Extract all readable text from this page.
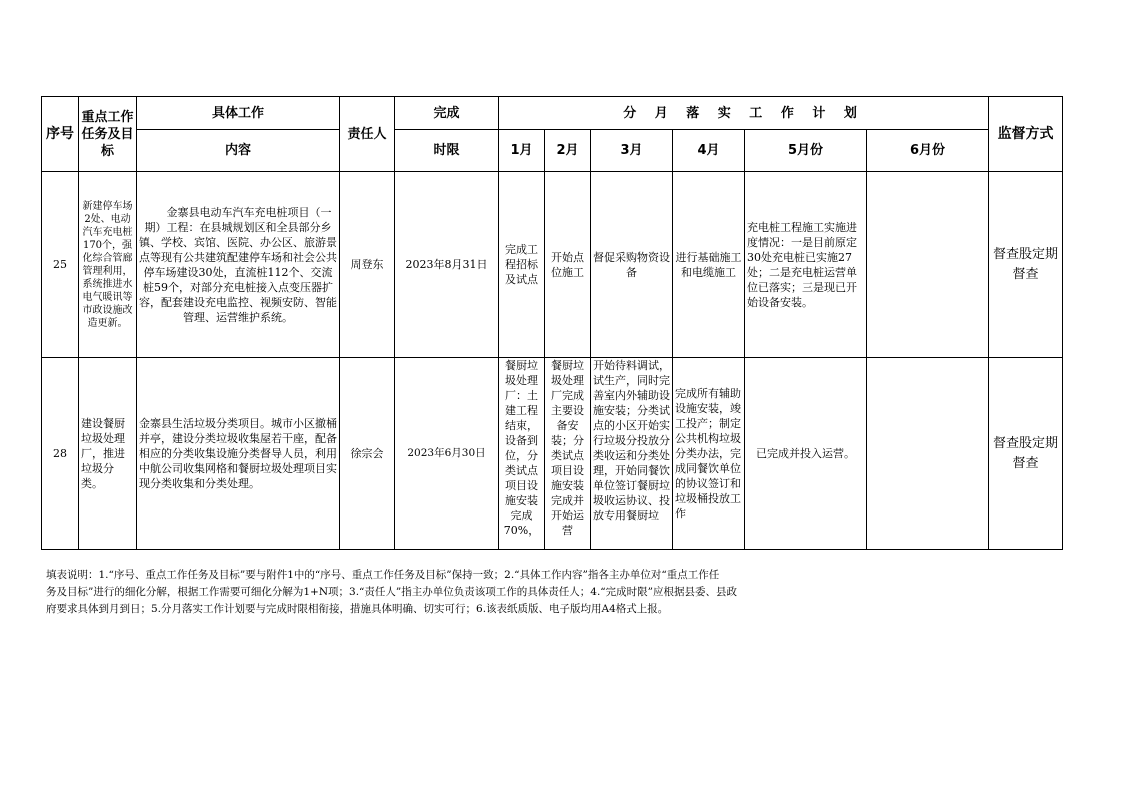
序号	重点工作任务及目标	具体工作	责任人	完成	分 月 落 实 工 作 计 划						监督方式
		内容		时限	1月	2月	3月	4月	5月份	6月份	
25	新建停车场2处、电动汽车充电桩170个，强化综合管廊管理利用，系统推进水电气暖讯等市政设施改造更新。	金寨县电动车汽车充电桩项目（一期）工程：在县城规划区和全县部分乡镇、学校、宾馆、医院、办公区、旅游景点等现有公共建筑配建停车场和社会公共停车场建设30处，直流桩112个、交流桩59个，对部分充电桩接入点变压器扩容，配套建设充电监控、视频安防、智能管理、运营维护系统。	周登东	2023年8月31日	完成工程招标及试点	开始点位施工	督促采购物资设备	进行基础施工和电缆施工	充电桩工程施工实施进度情况：一是目前原定30处充电桩已实施27处；二是充电桩运营单位已落实；三是现已开始设备安装。		督查股定期督查
28	建设餐厨垃圾处理厂，推进垃圾分类。	金寨县生活垃圾分类项目。城市小区撤桶并亭，建设分类垃圾收集屋若干座，配备相应的分类收集设施分类督导人员，利用中航公司收集网格和餐厨垃圾处理项目实现分类收集和分类处理。	徐宗会	2023年6月30日	餐厨垃圾处理厂：土建工程结束，设备到位，分类试点项目设施安装完成70%，	餐厨垃圾处理厂完成主要设备安装；分类试点项目设施安装完成并开始运营	开始待料调试，试生产，同时完善室内外辅助设施安装；分类试点的小区开始实行垃圾分投放分类收运和分类处理，开始同餐饮单位签订餐厨垃圾收运协议、投放专用餐厨垃	完成所有辅助设施安装，竣工投产；制定公共机构垃圾分类办法，完成同餐饮单位的协议签订和垃圾桶投放工作	已完成并投入运营。		督查股定期督查
填表说明：1.“序号、重点工作任务及目标”要与附件1中的“序号、重点工作任务及目标”保持一致；2.“具体工作内容”指各主办单位对“重点工作任
务及目标”进行的细化分解，根据工作需要可细化分解为1+N项；3.“责任人”指主办单位负责该项工作的具体责任人；4.“完成时限”应根据县委、县政
府要求具体到月到日；5.分月落实工作计划要与完成时限相衔接，措施具体明确、切实可行；6.该表纸质版、电子版均用A4格式上报。
